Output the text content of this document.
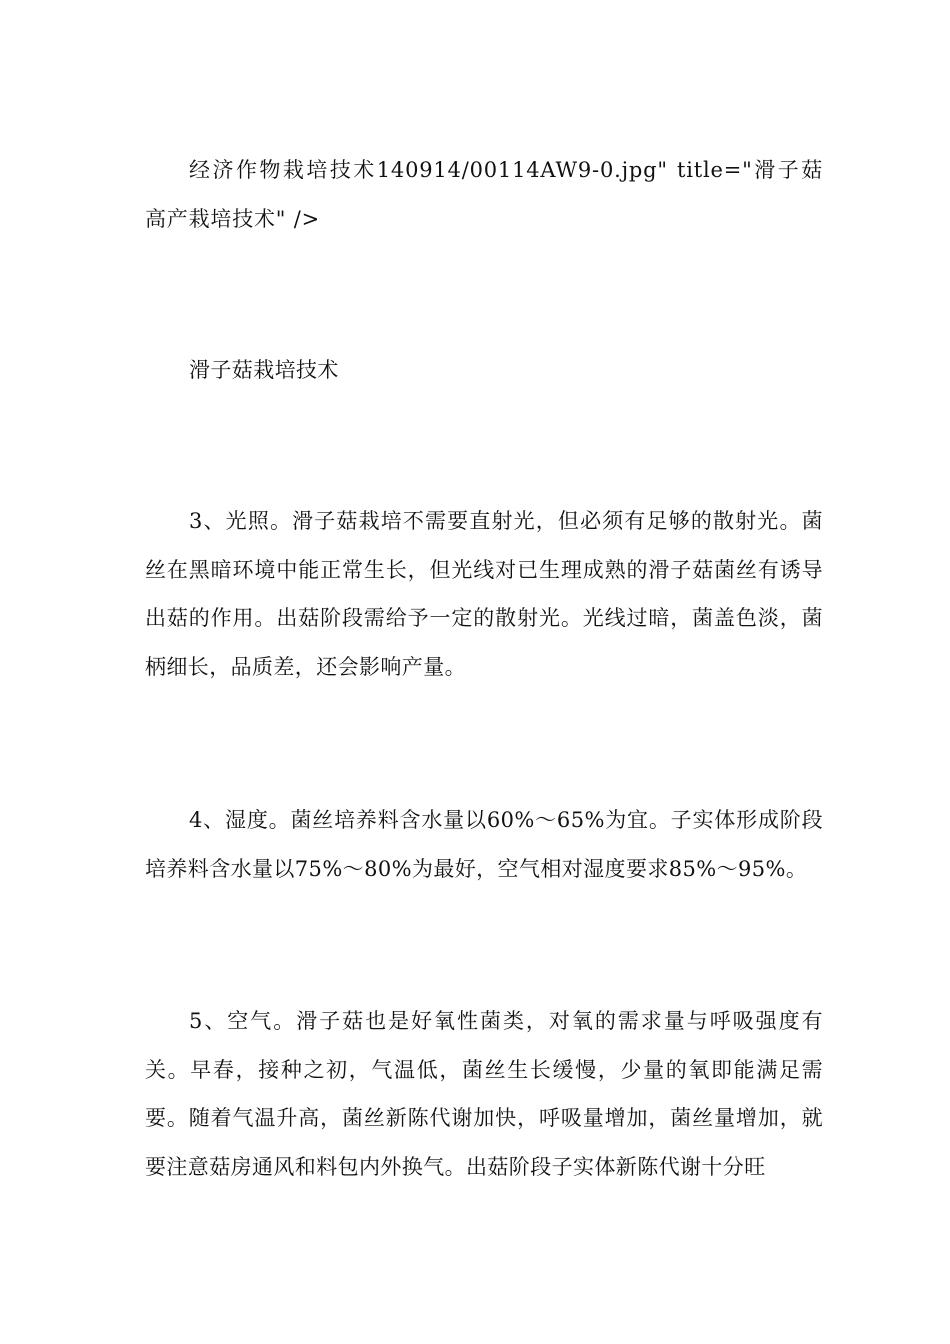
经济作物栽培技术140914/00114AW9-0.jpg" title="滑子菇高产栽培技术" />

滑子菇栽培技术

3、光照。滑子菇栽培不需要直射光，但必须有足够的散射光。菌丝在黑暗环境中能正常生长，但光线对已生理成熟的滑子菇菌丝有诱导出菇的作用。出菇阶段需给予一定的散射光。光线过暗，菌盖色淡，菌柄细长，品质差，还会影响产量。

4、湿度。菌丝培养料含水量以60%～65%为宜。子实体形成阶段培养料含水量以75%～80%为最好，空气相对湿度要求85%～95%。

5、空气。滑子菇也是好氧性菌类，对氧的需求量与呼吸强度有关。早春，接种之初，气温低，菌丝生长缓慢，少量的氧即能满足需要。随着气温升高，菌丝新陈代谢加快，呼吸量增加，菌丝量增加，就要注意菇房通风和料包内外换气。出菇阶段子实体新陈代谢十分旺
